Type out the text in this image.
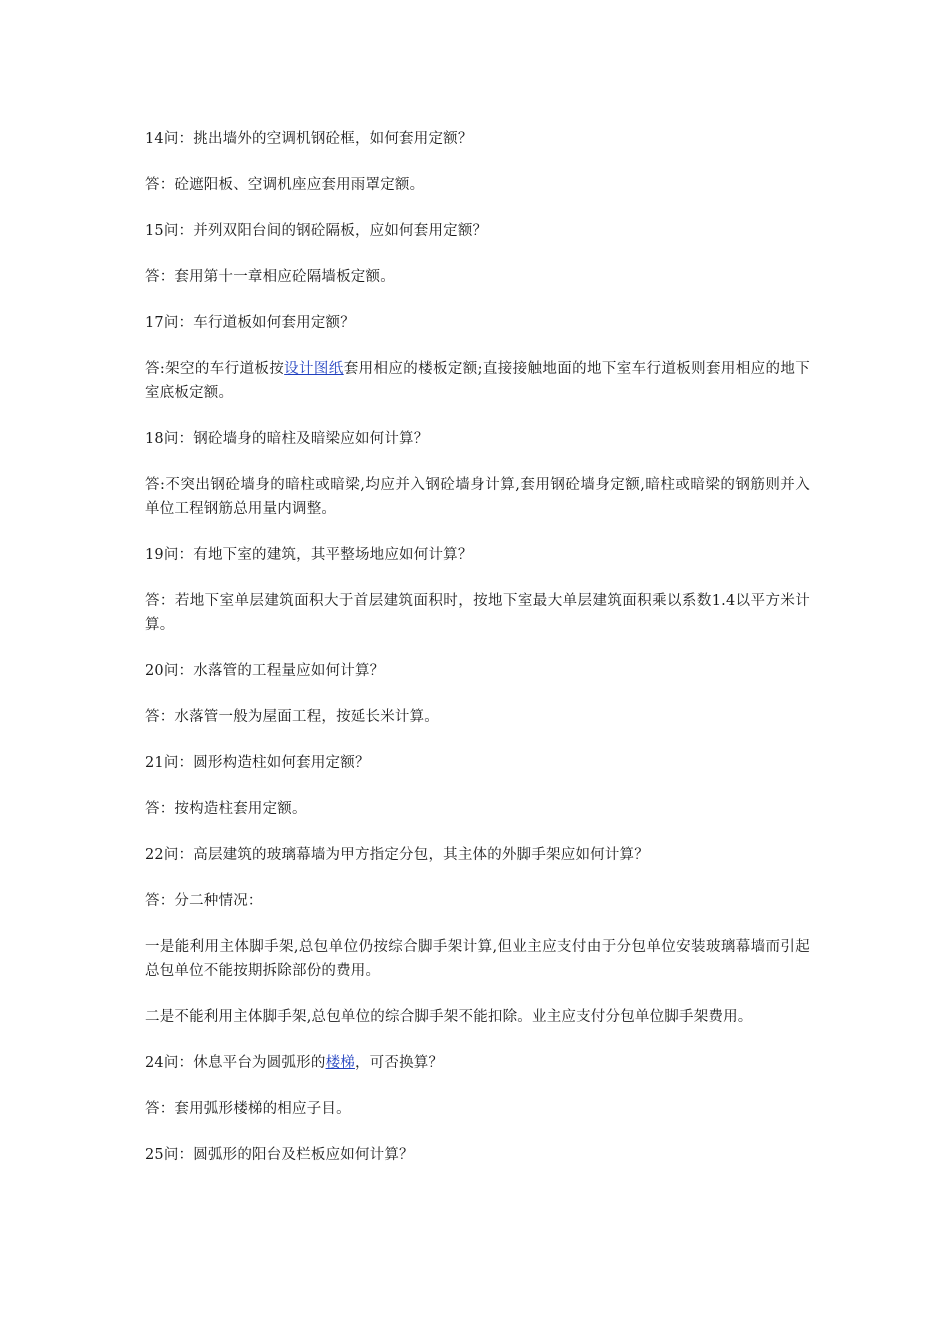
14问：挑出墙外的空调机钢砼框，如何套用定额？

答：砼遮阳板、空调机座应套用雨罩定额。

15问：并列双阳台间的钢砼隔板，应如何套用定额？

答：套用第十一章相应砼隔墙板定额。

17问：车行道板如何套用定额？

答:架空的车行道板按设计图纸套用相应的楼板定额;直接接触地面的地下室车行道板则套用相应的地下室底板定额。

18问：钢砼墙身的暗柱及暗梁应如何计算？

答:不突出钢砼墙身的暗柱或暗梁,均应并入钢砼墙身计算,套用钢砼墙身定额,暗柱或暗梁的钢筋则并入单位工程钢筋总用量内调整。

19问：有地下室的建筑，其平整场地应如何计算？

答：若地下室单层建筑面积大于首层建筑面积时，按地下室最大单层建筑面积乘以系数1.4以平方米计算。

20问：水落管的工程量应如何计算？

答：水落管一般为屋面工程，按延长米计算。

21问：圆形构造柱如何套用定额？

答：按构造柱套用定额。

22问：高层建筑的玻璃幕墙为甲方指定分包，其主体的外脚手架应如何计算？

答：分二种情况：

一是能利用主体脚手架,总包单位仍按综合脚手架计算,但业主应支付由于分包单位安装玻璃幕墙而引起总包单位不能按期拆除部份的费用。

二是不能利用主体脚手架,总包单位的综合脚手架不能扣除。业主应支付分包单位脚手架费用。

24问：休息平台为圆弧形的楼梯，可否换算？

答：套用弧形楼梯的相应子目。

25问：圆弧形的阳台及栏板应如何计算？
